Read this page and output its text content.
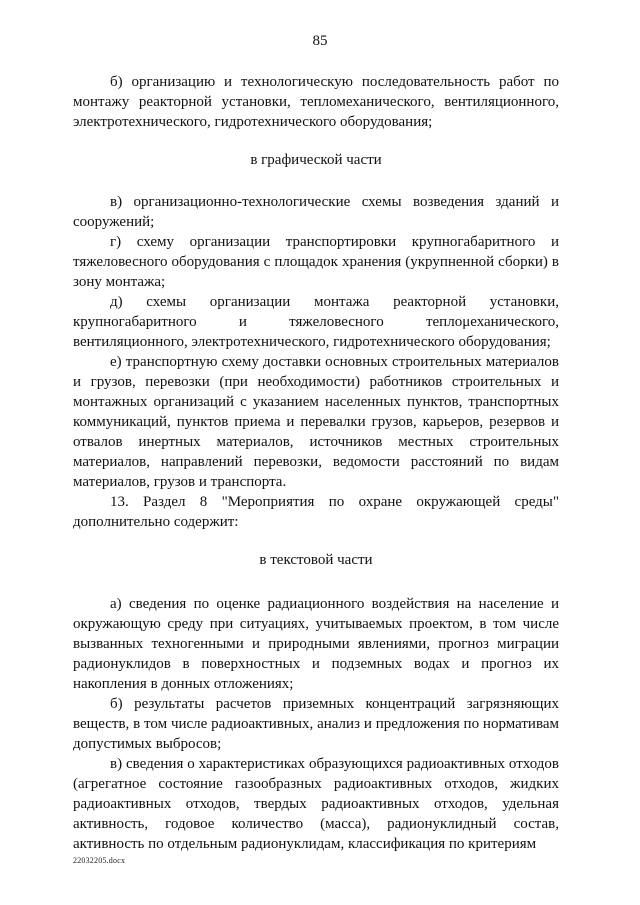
85

б) организацию и технологическую последовательность работ по монтажу реакторной установки, тепломеханического, вентиляционного, электротехнического, гидротехнического оборудования;

в графической части

в) организационно-технологические схемы возведения зданий и сооружений;

г) схему организации транспортировки крупногабаритного и тяжеловесного оборудования с площадок хранения (укрупненной сборки) в зону монтажа;

д) схемы организации монтажа реакторной установки, крупногабаритного и тяжеловесного теплομеханического, вентиляционного, электротехнического, гидротехнического оборудования;

е) транспортную схему доставки основных строительных материалов и грузов, перевозки (при необходимости) работников строительных и монтажных организаций с указанием населенных пунктов, транспортных коммуникаций, пунктов приема и перевалки грузов, карьеров, резервов и отвалов инертных материалов, источников местных строительных материалов, направлений перевозки, ведомости расстояний по видам материалов, грузов и транспорта.

13. Раздел 8 "Мероприятия по охране окружающей среды" дополнительно содержит:

в текстовой части

а) сведения по оценке радиационного воздействия на население и окружающую среду при ситуациях, учитываемых проектом, в том числе вызванных техногенными и природными явлениями, прогноз миграции радионуклидов в поверхностных и подземных водах и прогноз их накопления в донных отложениях;

б) результаты расчетов приземных концентраций загрязняющих веществ, в том числе радиоактивных, анализ и предложения по нормативам допустимых выбросов;

в) сведения о характеристиках образующихся радиоактивных отходов (агрегатное состояние газообразных радиоактивных отходов, жидких радиоактивных отходов, твердых радиоактивных отходов, удельная активность, годовое количество (масса), радионуклидный состав, активность по отдельным радионуклидам, классификация по критериям

22032205.docx
